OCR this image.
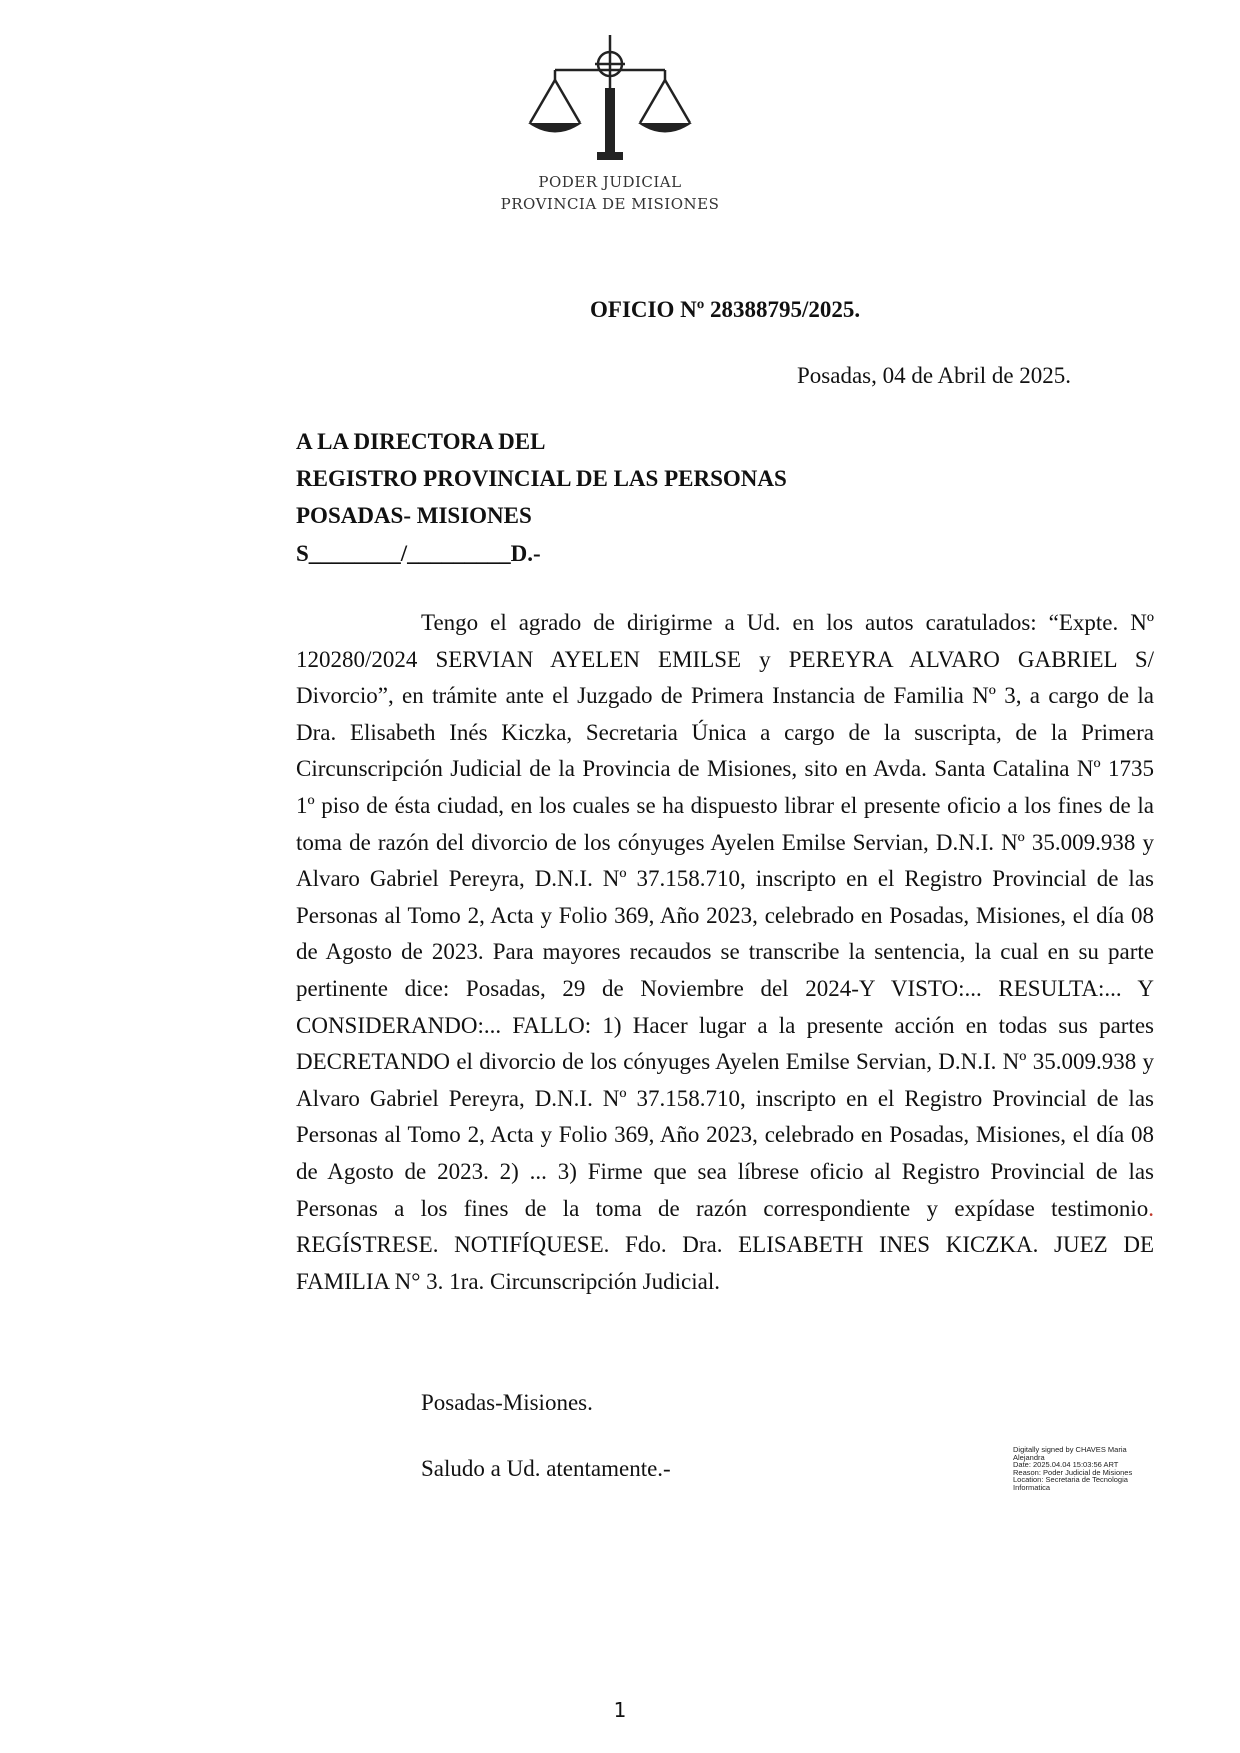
PODER JUDICIAL
PROVINCIA DE MISIONES
OFICIO Nº 28388795/2025.
Posadas, 04 de Abril de 2025.
A LA DIRECTORA DEL
REGISTRO PROVINCIAL DE LAS PERSONAS
POSADAS- MISIONES
S________/_________D.-

Tengo el agrado de dirigirme a Ud. en los autos caratulados: “Expte. Nº 120280/2024 SERVIAN AYELEN EMILSE y PEREYRA ALVARO GABRIEL S/ Divorcio”, en trámite ante el Juzgado de Primera Instancia de Familia Nº 3, a cargo de la Dra. Elisabeth Inés Kiczka, Secretaria Única a cargo de la suscripta, de la Primera Circunscripción Judicial de la Provincia de Misiones, sito en Avda. Santa Catalina Nº 1735 1º piso de ésta ciudad, en los cuales se ha dispuesto librar el presente oficio a los fines de la toma de razón del divorcio de los cónyuges Ayelen Emilse Servian, D.N.I. Nº 35.009.938 y Alvaro Gabriel Pereyra, D.N.I. Nº 37.158.710, inscripto en el Registro Provincial de las Personas al Tomo 2, Acta y Folio 369, Año 2023, celebrado en Posadas, Misiones, el día 08 de Agosto de 2023. Para mayores recaudos se transcribe la sentencia, la cual en su parte pertinente dice: Posadas, 29 de Noviembre del 2024-Y VISTO:... RESULTA:... Y CONSIDERANDO:... FALLO: 1) Hacer lugar a la presente acción en todas sus partes DECRETANDO el divorcio de los cónyuges Ayelen Emilse Servian, D.N.I. Nº 35.009.938 y Alvaro Gabriel Pereyra, D.N.I. Nº 37.158.710, inscripto en el Registro Provincial de las Personas al Tomo 2, Acta y Folio 369, Año 2023, celebrado en Posadas, Misiones, el día 08 de Agosto de 2023. 2) ... 3) Firme que sea líbrese oficio al Registro Provincial de las Personas a los fines de la toma de razón correspondiente y expídase testimonio. REGÍSTRESE. NOTIFÍQUESE. Fdo. Dra. ELISABETH INES KICZKA. JUEZ DE FAMILIA N° 3. 1ra. Circunscripción Judicial.

Posadas-Misiones.
Saludo a Ud. atentamente.-
Digitally signed by CHAVES Maria
Alejandra
Date: 2025.04.04 15:03:56 ART
Reason: Poder Judicial de Misiones
Location: Secretaria de Tecnologia
Informatica
1
